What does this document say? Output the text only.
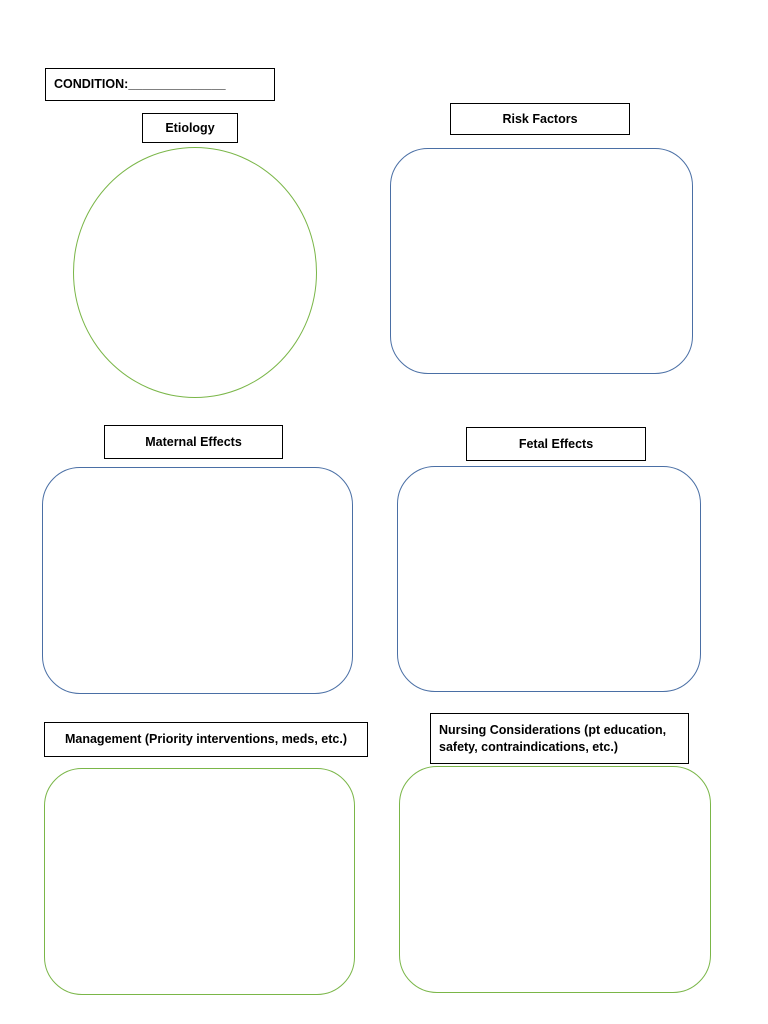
CONDITION: ______________
Etiology
Risk Factors
Maternal Effects	Fetal Effects
Management (Priority interventions, meds, etc.)
Nursing Considerations (pt education,
safety, contraindications, etc.)
